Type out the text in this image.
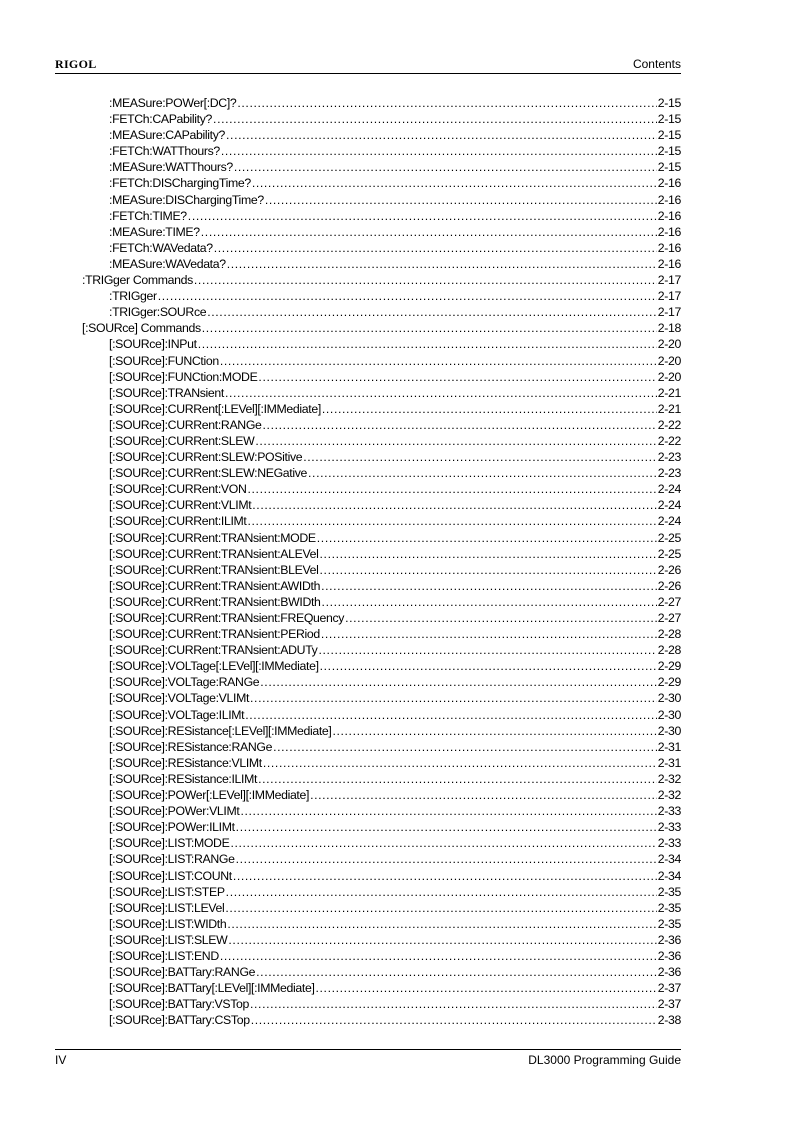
RIGOL	Contents
:MEASure:POWer[:DC]? .....	2-15
:FETCh:CAPability? .....	2-15
:MEASure:CAPability? .....	2-15
:FETCh:WATThours? .....	2-15
:MEASure:WATThours? .....	2-15
:FETCh:DISChargingTime? .....	2-16
:MEASure:DISChargingTime? .....	2-16
:FETCh:TIME? .....	2-16
:MEASure:TIME? .....	2-16
:FETCh:WAVedata? .....	2-16
:MEASure:WAVedata? .....	2-16
:TRIGger Commands .....	2-17
:TRIGger .....	2-17
:TRIGger:SOURce .....	2-17
[:SOURce] Commands .....	2-18
[:SOURce]:INPut .....	2-20
[:SOURce]:FUNCtion .....	2-20
[:SOURce]:FUNCtion:MODE .....	2-20
[:SOURce]:TRANsient .....	2-21
[:SOURce]:CURRent[:LEVel][:IMMediate] .....	2-21
[:SOURce]:CURRent:RANGe .....	2-22
[:SOURce]:CURRent:SLEW .....	2-22
[:SOURce]:CURRent:SLEW:POSitive .....	2-23
[:SOURce]:CURRent:SLEW:NEGative .....	2-23
[:SOURce]:CURRent:VON .....	2-24
[:SOURce]:CURRent:VLIMt .....	2-24
[:SOURce]:CURRent:ILIMt .....	2-24
[:SOURce]:CURRent:TRANsient:MODE .....	2-25
[:SOURce]:CURRent:TRANsient:ALEVel .....	2-25
[:SOURce]:CURRent:TRANsient:BLEVel .....	2-26
[:SOURce]:CURRent:TRANsient:AWIDth .....	2-26
[:SOURce]:CURRent:TRANsient:BWIDth .....	2-27
[:SOURce]:CURRent:TRANsient:FREQuency .....	2-27
[:SOURce]:CURRent:TRANsient:PERiod .....	2-28
[:SOURce]:CURRent:TRANsient:ADUTy .....	2-28
[:SOURce]:VOLTage[:LEVel][:IMMediate] .....	2-29
[:SOURce]:VOLTage:RANGe .....	2-29
[:SOURce]:VOLTage:VLIMt .....	2-30
[:SOURce]:VOLTage:ILIMt .....	2-30
[:SOURce]:RESistance[:LEVel][:IMMediate] .....	2-30
[:SOURce]:RESistance:RANGe .....	2-31
[:SOURce]:RESistance:VLIMt .....	2-31
[:SOURce]:RESistance:ILIMt .....	2-32
[:SOURce]:POWer[:LEVel][:IMMediate] .....	2-32
[:SOURce]:POWer:VLIMt .....	2-33
[:SOURce]:POWer:ILIMt .....	2-33
[:SOURce]:LIST:MODE .....	2-33
[:SOURce]:LIST:RANGe .....	2-34
[:SOURce]:LIST:COUNt .....	2-34
[:SOURce]:LIST:STEP .....	2-35
[:SOURce]:LIST:LEVel .....	2-35
[:SOURce]:LIST:WIDth .....	2-35
[:SOURce]:LIST:SLEW .....	2-36
[:SOURce]:LIST:END .....	2-36
[:SOURce]:BATTary:RANGe .....	2-36
[:SOURce]:BATTary[:LEVel][:IMMediate] .....	2-37
[:SOURce]:BATTary:VSTop .....	2-37
[:SOURce]:BATTary:CSTop .....	2-38
IV	DL3000 Programming Guide
